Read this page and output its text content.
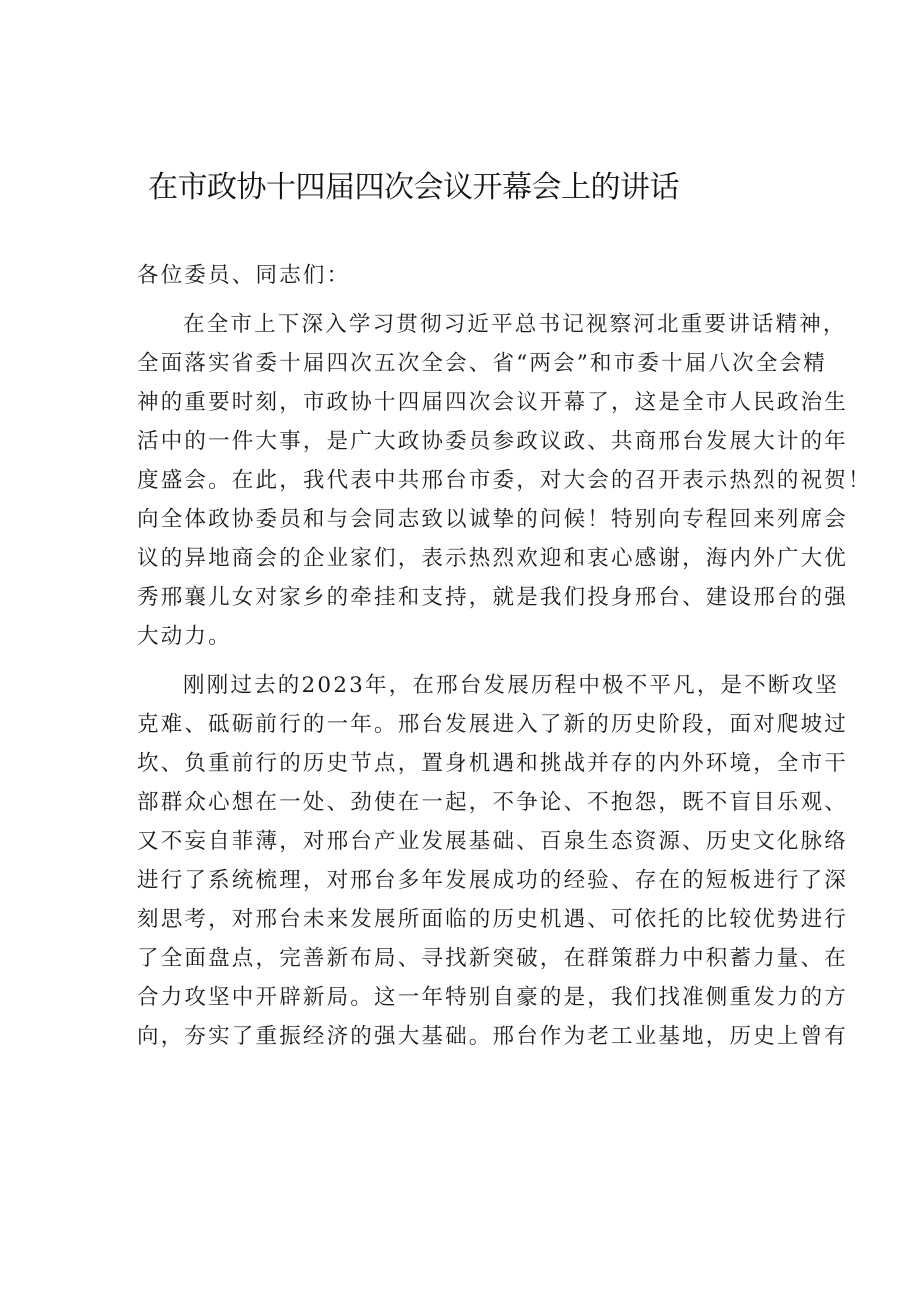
在市政协十四届四次会议开幕会上的讲话
各位委员、同志们：
在全市上下深入学习贯彻习近平总书记视察河北重要讲话精神，
全面落实省委十届四次五次全会、省“两会”和市委十届八次全会精
神的重要时刻，市政协十四届四次会议开幕了，这是全市人民政治生
活中的一件大事，是广大政协委员参政议政、共商邢台发展大计的年
度盛会。在此，我代表中共邢台市委，对大会的召开表示热烈的祝贺！
向全体政协委员和与会同志致以诚挚的问候！特别向专程回来列席会
议的异地商会的企业家们，表示热烈欢迎和衷心感谢，海内外广大优
秀邢襄儿女对家乡的牵挂和支持，就是我们投身邢台、建设邢台的强
大动力。
刚刚过去的2023年，在邢台发展历程中极不平凡，是不断攻坚
克难、砥砺前行的一年。邢台发展进入了新的历史阶段，面对爬坡过
坎、负重前行的历史节点，置身机遇和挑战并存的内外环境，全市干
部群众心想在一处、劲使在一起，不争论、不抱怨，既不盲目乐观、
又不妄自菲薄，对邢台产业发展基础、百泉生态资源、历史文化脉络
进行了系统梳理，对邢台多年发展成功的经验、存在的短板进行了深
刻思考，对邢台未来发展所面临的历史机遇、可依托的比较优势进行
了全面盘点，完善新布局、寻找新突破，在群策群力中积蓄力量、在
合力攻坚中开辟新局。这一年特别自豪的是，我们找准侧重发力的方
向，夯实了重振经济的强大基础。邢台作为老工业基地，历史上曾有
